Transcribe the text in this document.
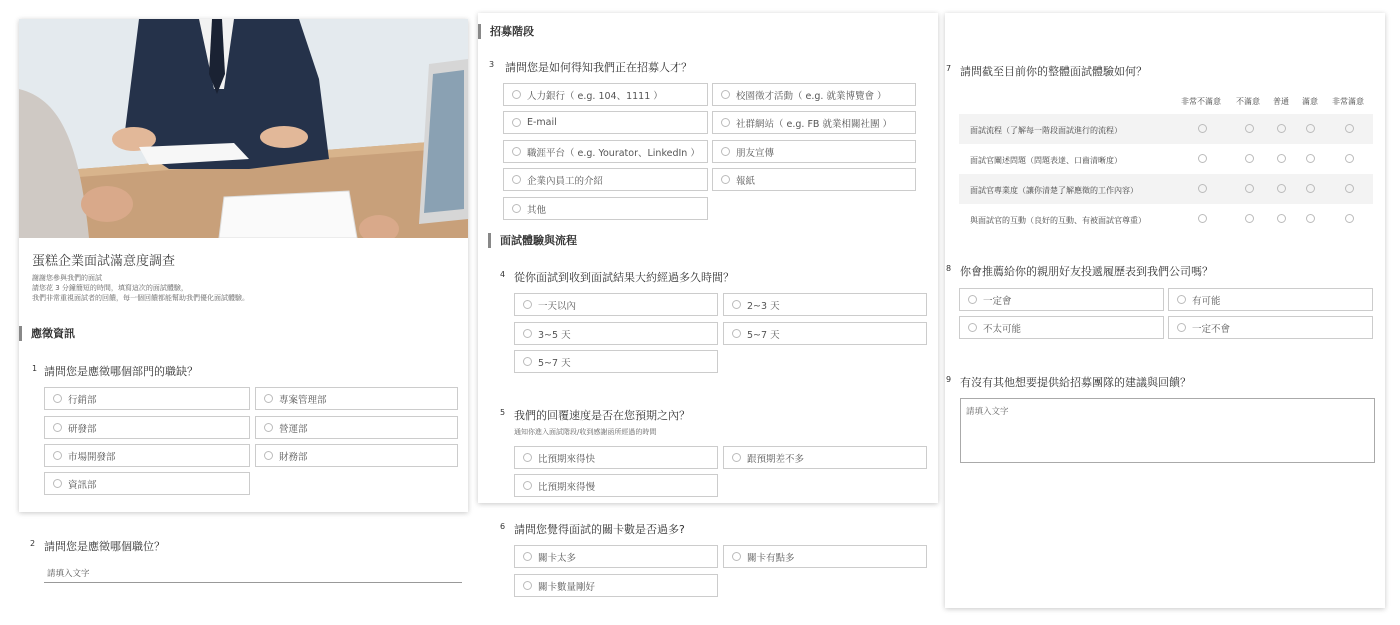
蛋糕企業面試滿意度調查
謝謝您參與我們的面試
請您花 3 分鐘簡短的時間，填寫這次的面試體驗，
我們非常重視面試者的回饋，每一個回饋都能幫助我們優化面試體驗。
應徵資訊
1 請問您是應徵哪個部門的職缺？
行銷部	專案管理部
研發部	營運部
市場開發部	財務部
資訊部
2 請問您是應徵哪個職位？
請填入文字
招募階段
3 請問您是如何得知我們正在招募人才？
人力銀行（ e.g. 104、1111 ）	校園徵才活動（ e.g. 就業博覽會 ）
E-mail	社群網站（ e.g. FB 就業相關社團 ）
職涯平台（ e.g. Yourator、LinkedIn ）	朋友宣傳
企業內員工的介紹	報紙
其他
面試體驗與流程
4 從你面試到收到面試結果大約經過多久時間？
一天以內	2~3 天
3~5 天	5~7 天
5~7 天
5 我們的回覆速度是否在您預期之內？
通知你進入面試階段/收到感謝函所經過的時間
比預期來得快	跟預期差不多
比預期來得慢
6 請問您覺得面試的關卡數是否過多?
關卡太多	關卡有點多
關卡數量剛好
7 請問截至目前你的整體面試體驗如何？
非常不滿意 不滿意 普通 滿意 非常滿意
面試流程（了解每一階段面試進行的流程）
面試官闡述問題（問題表達、口齒清晰度）
面試官專業度（讓你清楚了解應徵的工作內容）
與面試官的互動（良好的互動、有被面試官尊重）
8 你會推薦給你的親朋好友投遞履歷表到我們公司嗎？
一定會	有可能
不太可能	一定不會
9 有沒有其他想要提供給招募團隊的建議與回饋？
請填入文字
